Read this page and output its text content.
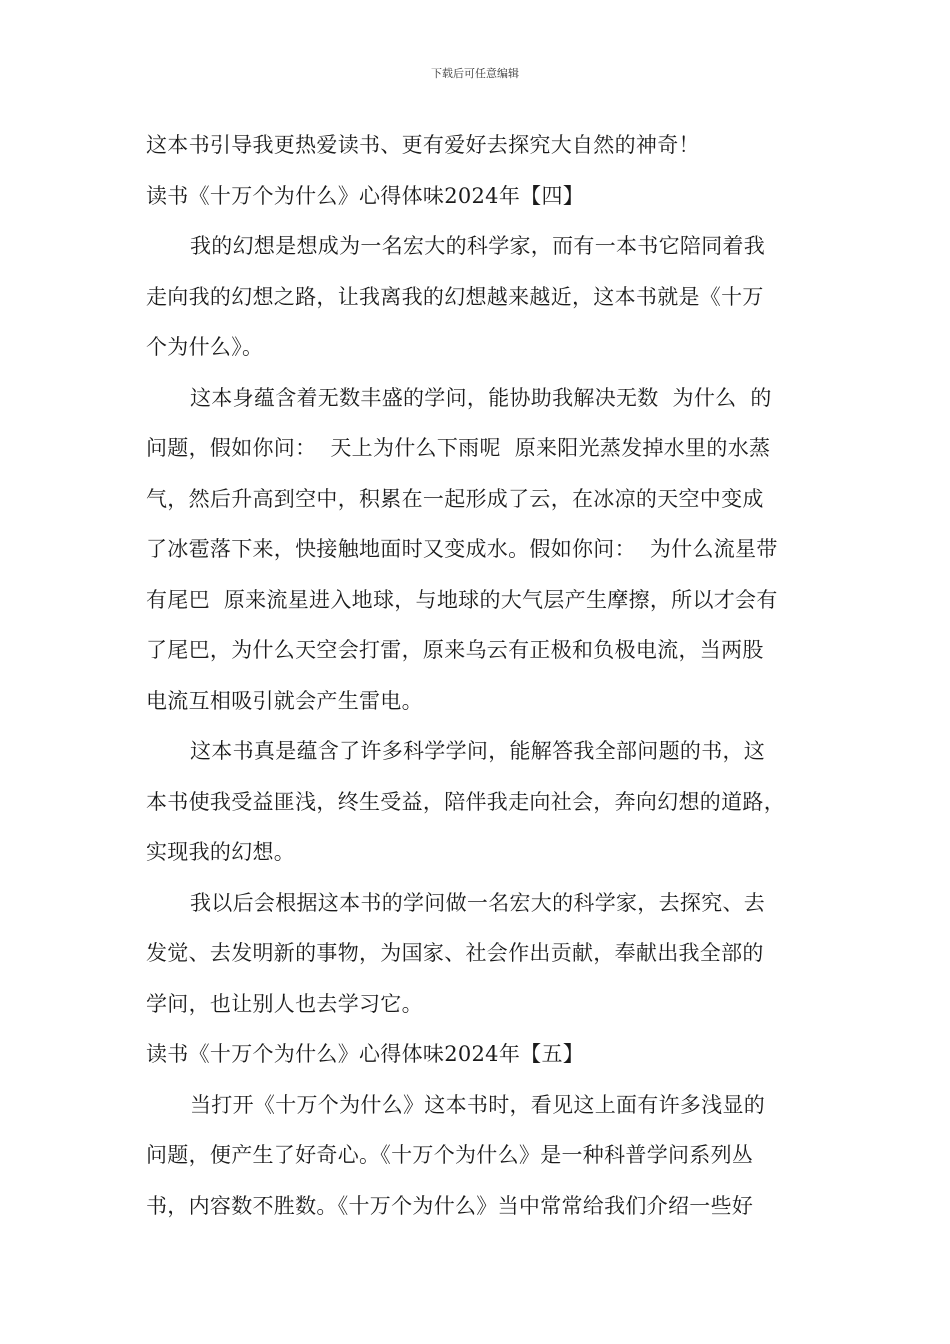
下载后可任意编辑
这本书引导我更热爱读书、更有爱好去探究大自然的神奇！
读书《十万个为什么》心得体味2024年【四】
我的幻想是想成为一名宏大的科学家，而有一本书它陪同着我
走向我的幻想之路，让我离我的幻想越来越近，这本书就是《十万
个为什么》。
这本身蕴含着无数丰盛的学问，能协助我解决无数  为什么  的
问题，假如你问：  天上为什么下雨呢  原来阳光蒸发掉水里的水蒸
气，然后升高到空中，积累在一起形成了云，在冰凉的天空中变成
了冰雹落下来，快接触地面时又变成水。假如你问：  为什么流星带
有尾巴  原来流星进入地球，与地球的大气层产生摩擦，所以才会有
了尾巴，为什么天空会打雷，原来乌云有正极和负极电流，当两股
电流互相吸引就会产生雷电。
这本书真是蕴含了许多科学学问，能解答我全部问题的书，这
本书使我受益匪浅，终生受益，陪伴我走向社会，奔向幻想的道路，
实现我的幻想。
我以后会根据这本书的学问做一名宏大的科学家，去探究、去
发觉、去发明新的事物，为国家、社会作出贡献，奉献出我全部的
学问，也让别人也去学习它。
读书《十万个为什么》心得体味2024年【五】
当打开《十万个为什么》这本书时，看见这上面有许多浅显的
问题，便产生了好奇心。《十万个为什么》是一种科普学问系列丛
书，内容数不胜数。《十万个为什么》当中常常给我们介绍一些好
